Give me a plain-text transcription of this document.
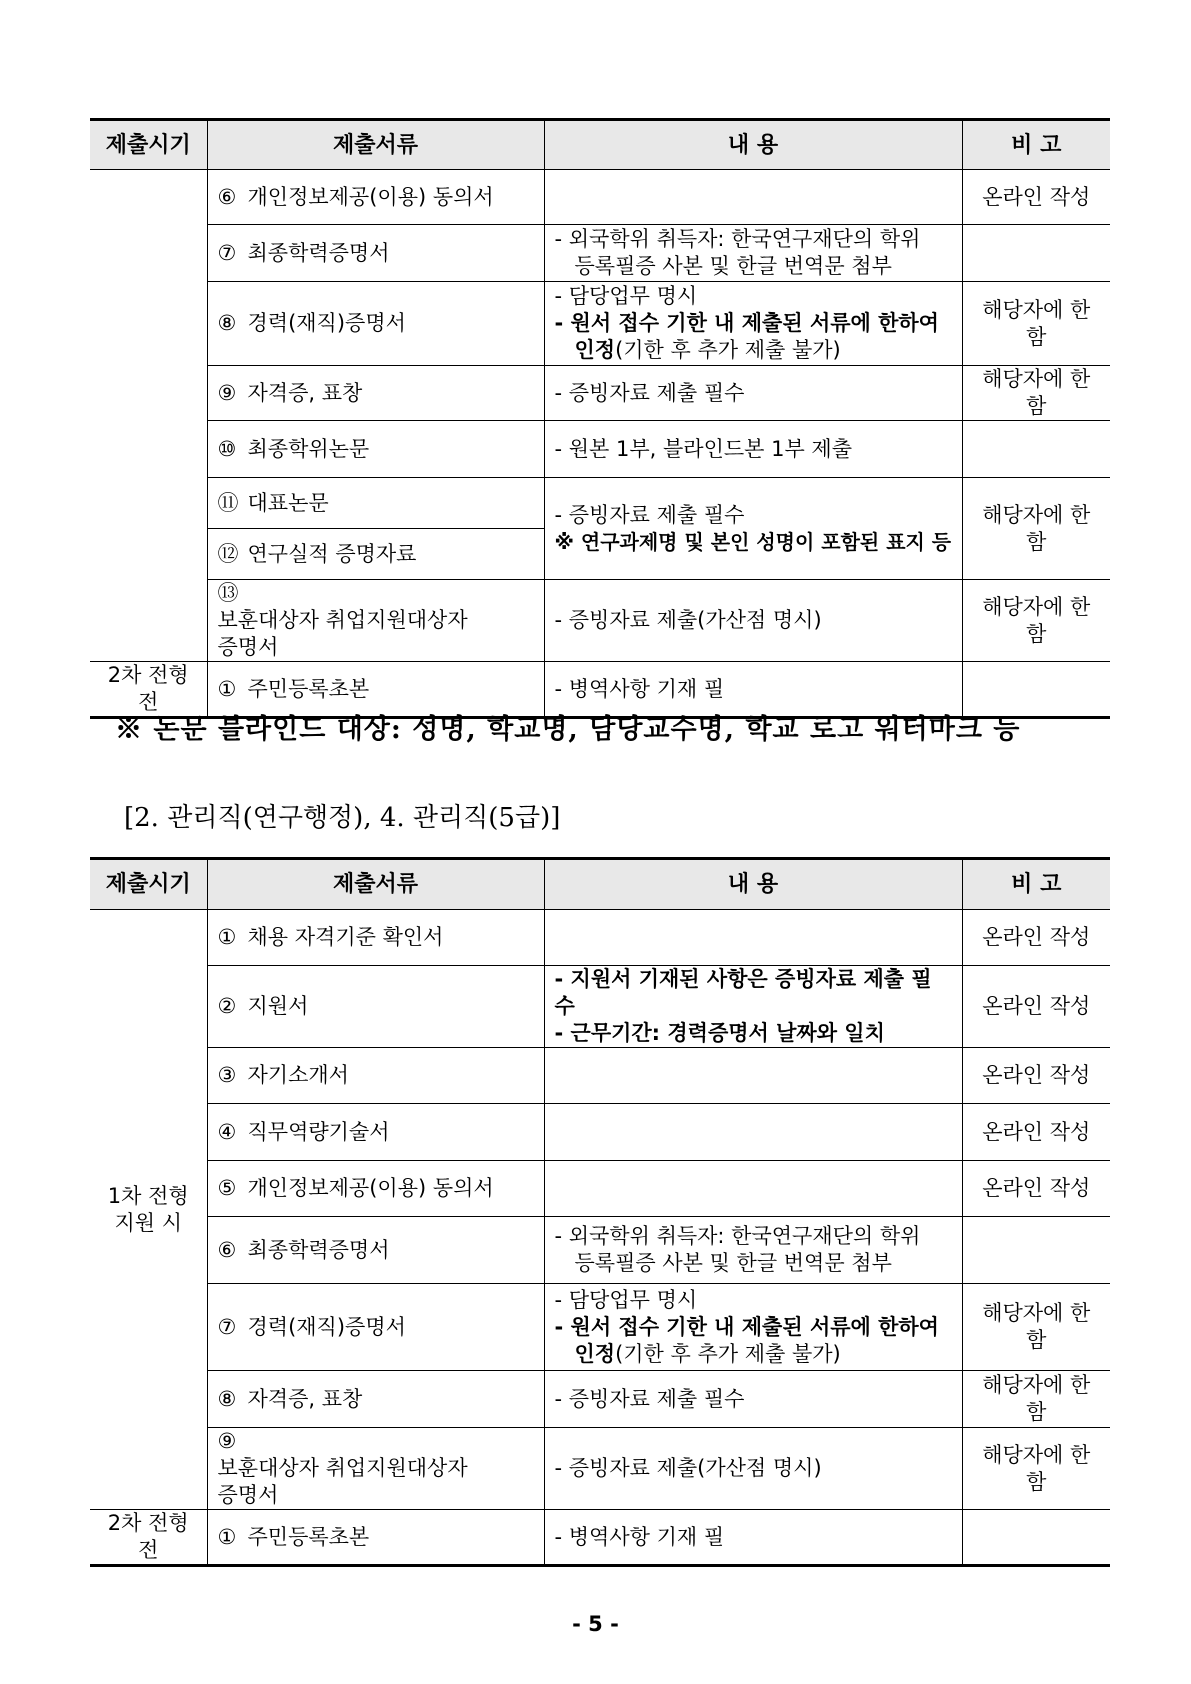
제출시기	제출서류	내 용	비 고
	⑥ 개인정보제공(이용) 동의서		온라인 작성
	⑦ 최종학력증명서	- 외국학위 취득자: 한국연구재단의 학위
등록필증 사본 및 한글 번역문 첨부	

	⑧ 경력(재직)증명서	- 담당업무 명시
- 원서 접수 기한 내 제출된 서류에 한하여
인정(기한 후 추가 제출 불가)	해당자에 한함
	⑨ 자격증, 표창	- 증빙자료 제출 필수	해당자에 한함
	⑩ 최종학위논문	- 원본 1부, 블라인드본 1부 제출	
	⑪ 대표논문	- 증빙자료 제출 필수
※ 연구과제명 및 본인 성명이 포함된 표지 등	해당자에 한함
	⑫ 연구실적 증명자료		
	⑬
보훈대상자 취업지원대상자
증명서	- 증빙자료 제출(가산점 명시)	해당자에 한함
2차 전형 전	① 주민등록초본	- 병역사항 기재 필	
※ 논문 블라인드 대상: 성명, 학교명, 담당교수명, 학교 로고 워터마크 등
[2. 관리직(연구행정), 4. 관리직(5급)]
제출시기	제출서류	내 용	비 고

1차 전형
지원 시	① 채용 자격기준 확인서		온라인 작성
	② 지원서	- 지원서 기재된 사항은 증빙자료 제출 필수
- 근무기간: 경력증명서 날짜와 일치	온라인 작성
	③ 자기소개서		온라인 작성
	④ 직무역량기술서		온라인 작성
	⑤ 개인정보제공(이용) 동의서		온라인 작성
	⑥ 최종학력증명서	- 외국학위 취득자: 한국연구재단의 학위
등록필증 사본 및 한글 번역문 첨부	

	⑦ 경력(재직)증명서	- 담당업무 명시
- 원서 접수 기한 내 제출된 서류에 한하여
인정(기한 후 추가 제출 불가)	해당자에 한함
	⑧ 자격증, 표창	- 증빙자료 제출 필수	해당자에 한함
	⑨
보훈대상자 취업지원대상자
증명서	- 증빙자료 제출(가산점 명시)	해당자에 한함
2차 전형 전	① 주민등록초본	- 병역사항 기재 필	
- 5 -
